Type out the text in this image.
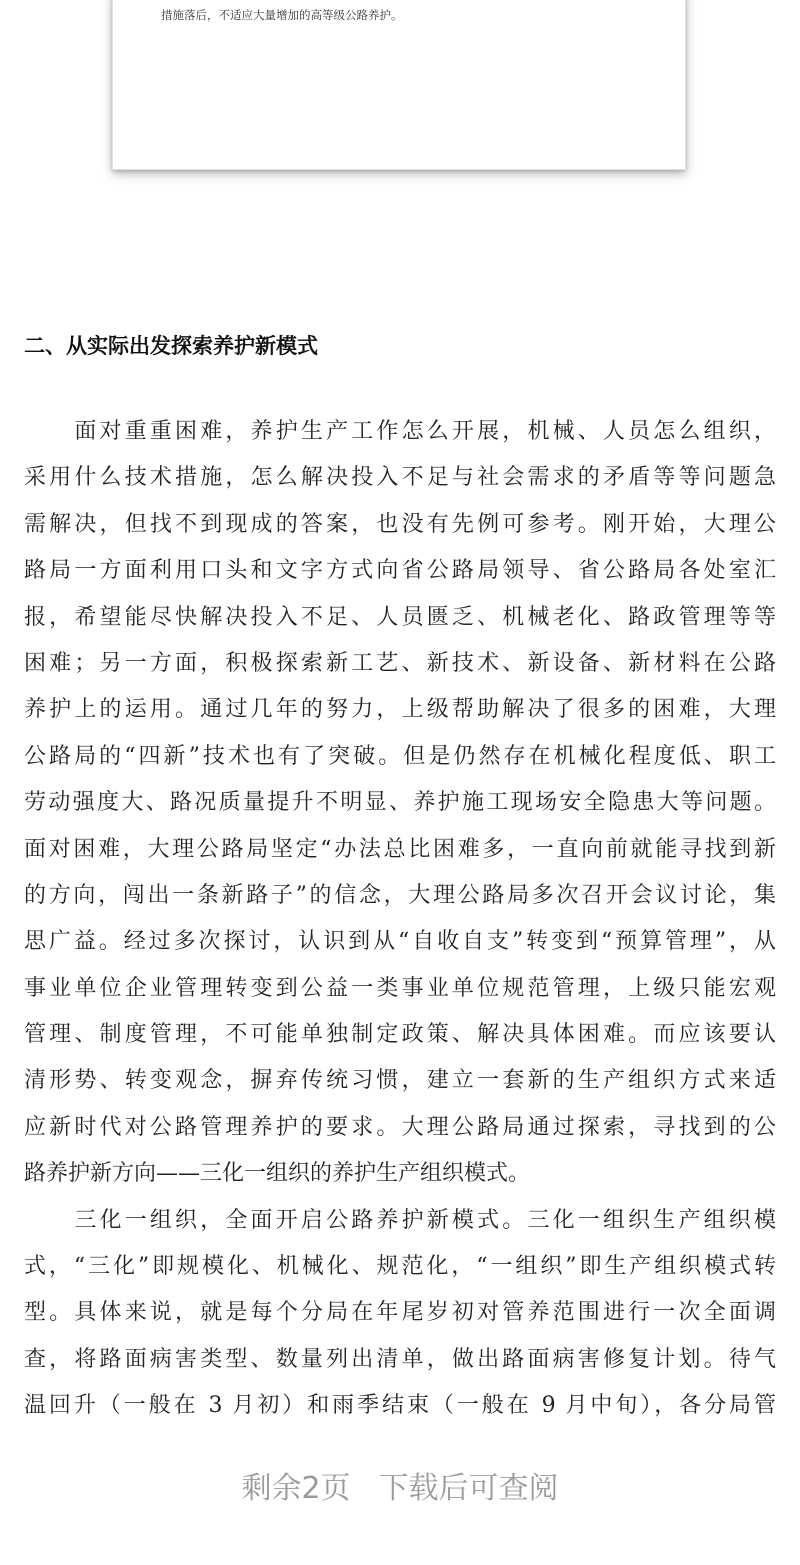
措施落后，不适应大量增加的高等级公路养护。
二、从实际出发探索养护新模式
　　面对重重困难，养护生产工作怎么开展，机械、人员怎么组织，
采用什么技术措施，怎么解决投入不足与社会需求的矛盾等等问题急
需解决，但找不到现成的答案，也没有先例可参考。刚开始，大理公
路局一方面利用口头和文字方式向省公路局领导、省公路局各处室汇
报，希望能尽快解决投入不足、人员匮乏、机械老化、路政管理等等
困难；另一方面，积极探索新工艺、新技术、新设备、新材料在公路
养护上的运用。通过几年的努力，上级帮助解决了很多的困难，大理
公路局的“四新”技术也有了突破。但是仍然存在机械化程度低、职工
劳动强度大、路况质量提升不明显、养护施工现场安全隐患大等问题。
面对困难，大理公路局坚定“办法总比困难多，一直向前就能寻找到新
的方向，闯出一条新路子”的信念，大理公路局多次召开会议讨论，集
思广益。经过多次探讨，认识到从“自收自支”转变到“预算管理”，从
事业单位企业管理转变到公益一类事业单位规范管理，上级只能宏观
管理、制度管理，不可能单独制定政策、解决具体困难。而应该要认
清形势、转变观念，摒弃传统习惯，建立一套新的生产组织方式来适
应新时代对公路管理养护的要求。大理公路局通过探索，寻找到的公
路养护新方向——三化一组织的养护生产组织模式。
　　三化一组织，全面开启公路养护新模式。三化一组织生产组织模
式，“三化”即规模化、机械化、规范化，“一组织”即生产组织模式转
型。具体来说，就是每个分局在年尾岁初对管养范围进行一次全面调
查，将路面病害类型、数量列出清单，做出路面病害修复计划。待气
温回升（一般在 3 月初）和雨季结束（一般在 9 月中旬），各分局管
剩余2页 下载后可查阅
